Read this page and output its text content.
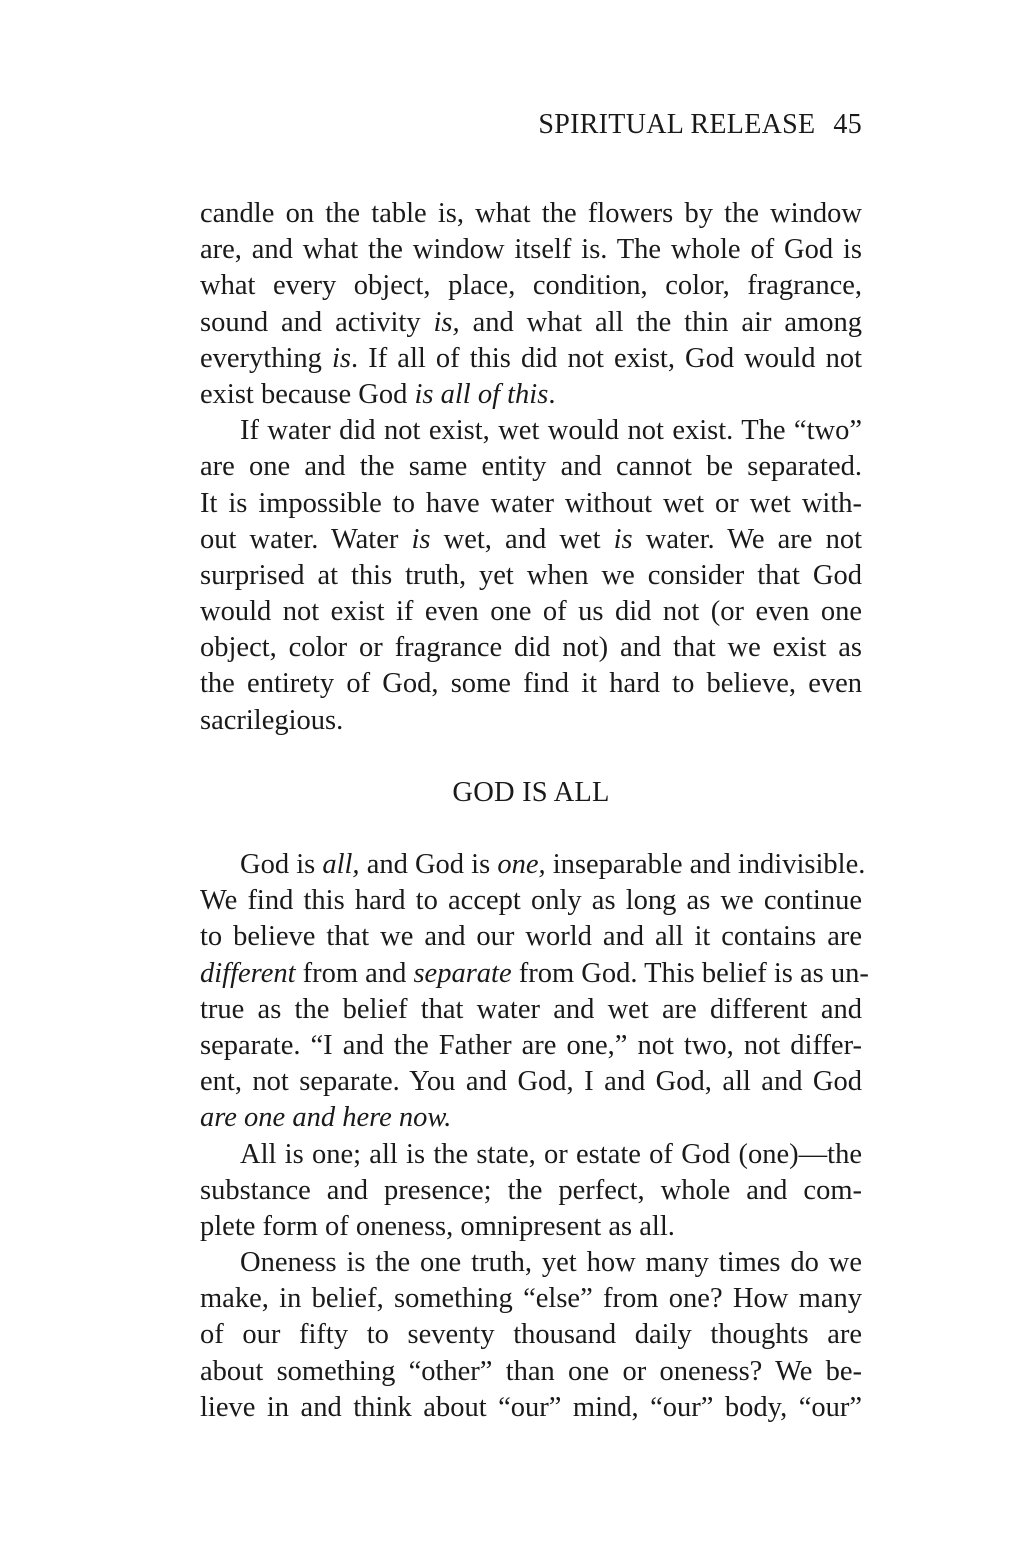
SPIRITUAL RELEASE 45
candle on the table is, what the flowers by the window
are, and what the window itself is. The whole of God is
what every object, place, condition, color, fragrance,
sound and activity is, and what all the thin air among
everything is. If all of this did not exist, God would not
exist because God is all of this.
If water did not exist, wet would not exist. The “two”
are one and the same entity and cannot be separated.
It is impossible to have water without wet or wet with-
out water. Water is wet, and wet is water. We are not
surprised at this truth, yet when we consider that God
would not exist if even one of us did not (or even one
object, color or fragrance did not) and that we exist as
the entirety of God, some find it hard to believe, even
sacrilegious.
GOD IS ALL
God is all, and God is one, inseparable and indivisible.
We find this hard to accept only as long as we continue
to believe that we and our world and all it contains are
different from and separate from God. This belief is as un-
true as the belief that water and wet are different and
separate. “I and the Father are one,” not two, not differ-
ent, not separate. You and God, I and God, all and God
are one and here now.
All is one; all is the state, or estate of God (one)—the
substance and presence; the perfect, whole and com-
plete form of oneness, omnipresent as all.
Oneness is the one truth, yet how many times do we
make, in belief, something “else” from one? How many
of our fifty to seventy thousand daily thoughts are
about something “other” than one or oneness? We be-
lieve in and think about “our” mind, “our” body, “our”
